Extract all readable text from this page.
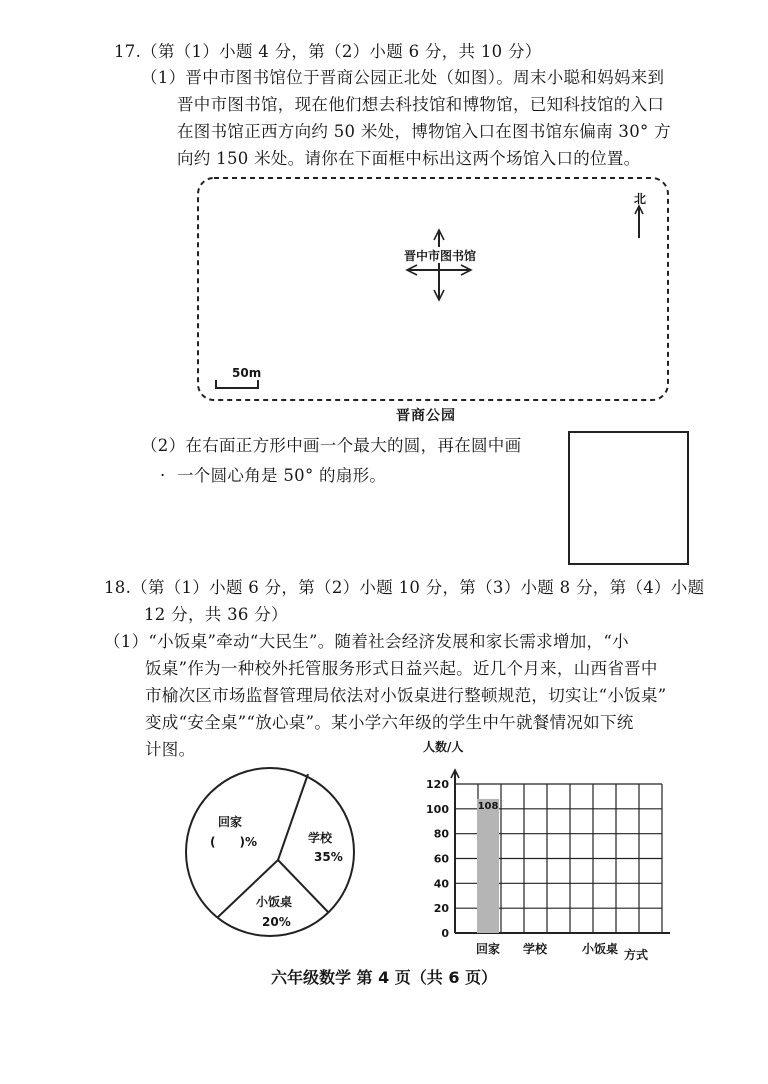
17.（第（1）小题 4 分，第（2）小题 6 分，共 10 分）
（1）晋中市图书馆位于晋商公园正北处（如图）。周末小聪和妈妈来到
晋中市图书馆，现在他们想去科技馆和博物馆，已知科技馆的入口
在图书馆正西方向约 50 米处，博物馆入口在图书馆东偏南 30° 方
向约 150 米处。请你在下面框中标出这两个场馆入口的位置。
晋中市图书馆
北
50m
晋商公园
（2）在右面正方形中画一个最大的圆，再在圆中画
· 一个圆心角是 50° 的扇形。
18.（第（1）小题 6 分，第（2）小题 10 分，第（3）小题 8 分，第（4）小题
12 分，共 36 分）
（1）“小饭桌”牵动“大民生”。随着社会经济发展和家长需求增加，“小
饭桌”作为一种校外托管服务形式日益兴起。近几个月来，山西省晋中
市榆次区市场监督管理局依法对小饭桌进行整顿规范，切实让“小饭桌”
变成“安全桌”“放心桌”。某小学六年级的学生中午就餐情况如下统
计图。
回家
(　　)%	学校
35%
小饭桌
20%
0
20
40
60
80
100
120
回家 学校	小饭桌
108
人数/人
方式
六年级数学 第 4 页（共 6 页）
